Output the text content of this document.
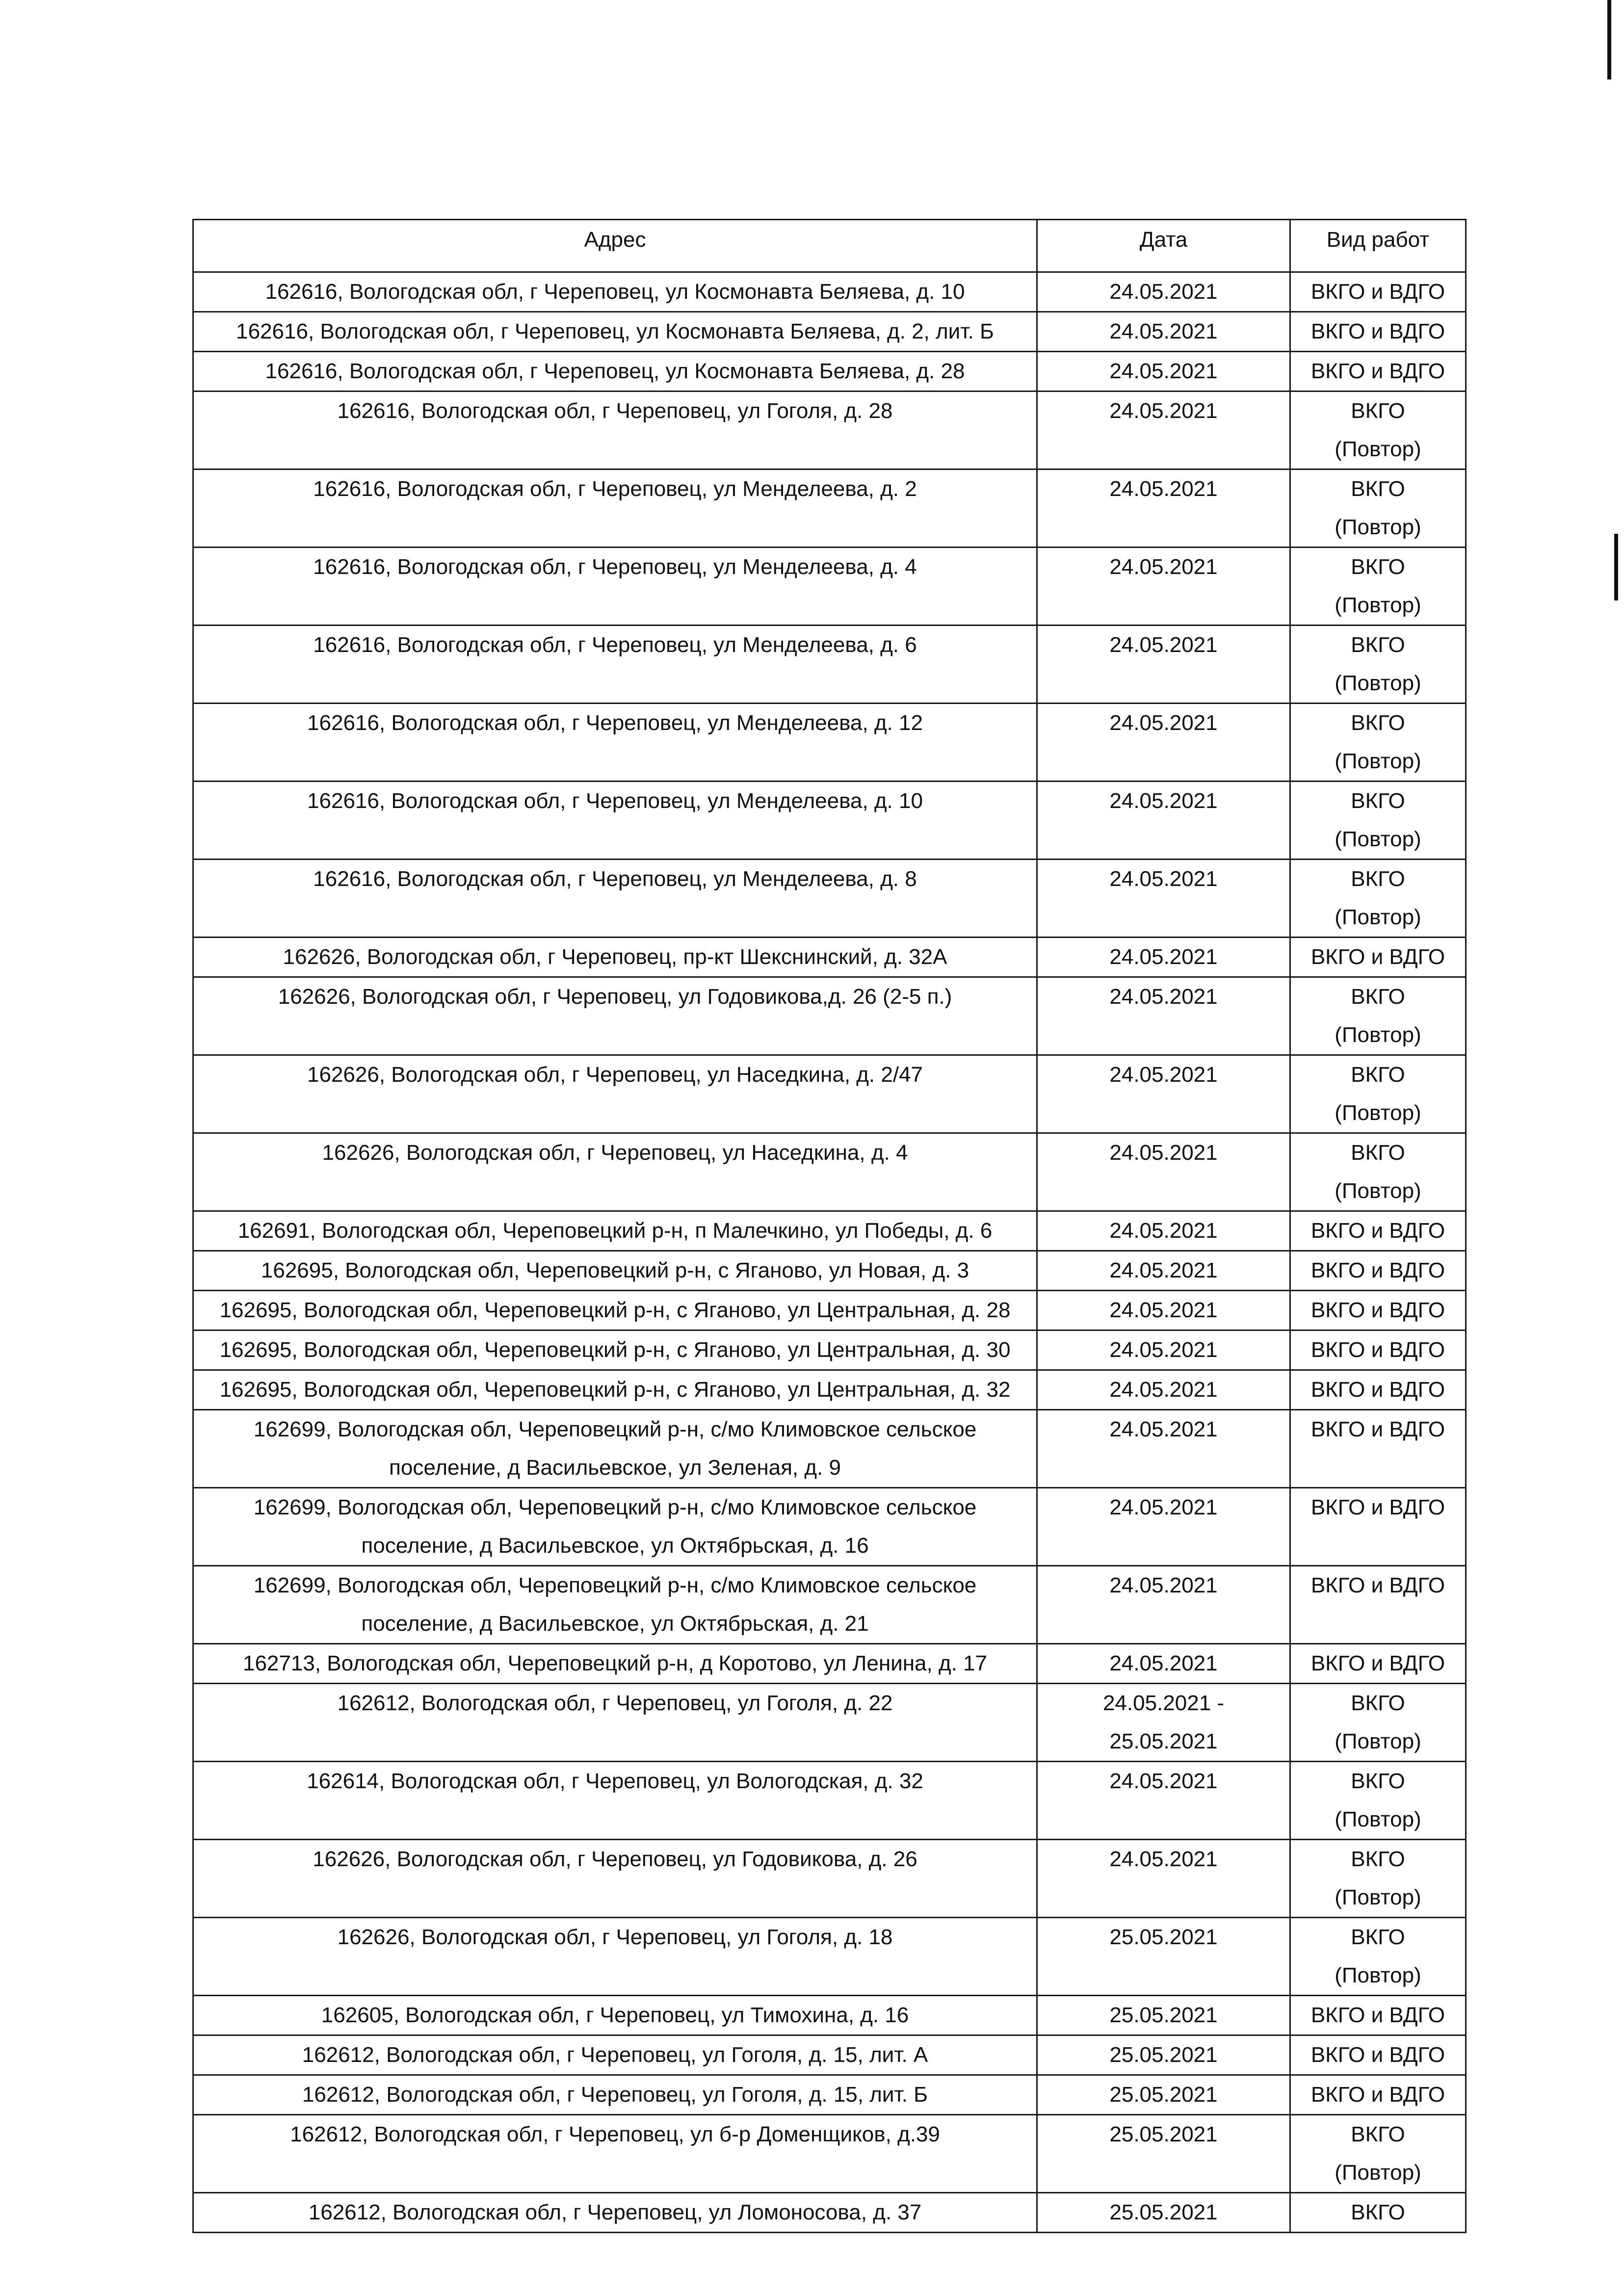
Адрес	Дата	Вид работ

162616, Вологодская обл, г Череповец, ул Космонавта Беляева, д. 10	24.05.2021	ВКГО и ВДГО

162616, Вологодская обл, г Череповец, ул Космонавта Беляева, д. 2, лит. Б	24.05.2021	ВКГО и ВДГО

162616, Вологодская обл, г Череповец, ул Космонавта Беляева, д. 28	24.05.2021	ВКГО и ВДГО

162616, Вологодская обл, г Череповец, ул Гоголя, д. 28	24.05.2021	ВКГО
(Повтор)

162616, Вологодская обл, г Череповец, ул Менделеева, д. 2	24.05.2021	ВКГО
(Повтор)

162616, Вологодская обл, г Череповец, ул Менделеева, д. 4	24.05.2021	ВКГО
(Повтор)

162616, Вологодская обл, г Череповец, ул Менделеева, д. 6	24.05.2021	ВКГО
(Повтор)

162616, Вологодская обл, г Череповец, ул Менделеева, д. 12	24.05.2021	ВКГО
(Повтор)

162616, Вологодская обл, г Череповец, ул Менделеева, д. 10	24.05.2021	ВКГО
(Повтор)

162616, Вологодская обл, г Череповец, ул Менделеева, д. 8	24.05.2021	ВКГО
(Повтор)

162626, Вологодская обл, г Череповец, пр-кт Шекснинский, д. 32А	24.05.2021	ВКГО и ВДГО

162626, Вологодская обл, г Череповец, ул Годовикова,д. 26 (2-5 п.)	24.05.2021	ВКГО
(Повтор)

162626, Вологодская обл, г Череповец, ул Наседкина, д. 2/47	24.05.2021	ВКГО
(Повтор)

162626, Вологодская обл, г Череповец, ул Наседкина, д. 4	24.05.2021	ВКГО
(Повтор)

162691, Вологодская обл, Череповецкий р-н, п Малечкино, ул Победы, д. 6	24.05.2021	ВКГО и ВДГО

162695, Вологодская обл, Череповецкий р-н, с Яганово, ул Новая, д. 3	24.05.2021	ВКГО и ВДГО

162695, Вологодская обл, Череповецкий р-н, с Яганово, ул Центральная, д. 28	24.05.2021	ВКГО и ВДГО

162695, Вологодская обл, Череповецкий р-н, с Яганово, ул Центральная, д. 30	24.05.2021	ВКГО и ВДГО

162695, Вологодская обл, Череповецкий р-н, с Яганово, ул Центральная, д. 32	24.05.2021	ВКГО и ВДГО

162699, Вологодская обл, Череповецкий р-н, с/мо Климовское сельское
поселение, д Васильевское, ул Зеленая, д. 9	24.05.2021	ВКГО и ВДГО

162699, Вологодская обл, Череповецкий р-н, с/мо Климовское сельское
поселение, д Васильевское, ул Октябрьская, д. 16	24.05.2021	ВКГО и ВДГО

162699, Вологодская обл, Череповецкий р-н, с/мо Климовское сельское
поселение, д Васильевское, ул Октябрьская, д. 21	24.05.2021	ВКГО и ВДГО

162713, Вологодская обл, Череповецкий р-н, д Коротово, ул Ленина, д. 17	24.05.2021	ВКГО и ВДГО

162612, Вологодская обл, г Череповец, ул Гоголя, д. 22	24.05.2021 -
25.05.2021	ВКГО
(Повтор)

162614, Вологодская обл, г Череповец, ул Вологодская, д. 32	24.05.2021	ВКГО
(Повтор)

162626, Вологодская обл, г Череповец, ул Годовикова, д. 26	24.05.2021	ВКГО
(Повтор)

162626, Вологодская обл, г Череповец, ул Гоголя, д. 18	25.05.2021	ВКГО
(Повтор)

162605, Вологодская обл, г Череповец, ул Тимохина, д. 16	25.05.2021	ВКГО и ВДГО

162612, Вологодская обл, г Череповец, ул Гоголя, д. 15, лит. А	25.05.2021	ВКГО и ВДГО

162612, Вологодская обл, г Череповец, ул Гоголя, д. 15, лит. Б	25.05.2021	ВКГО и ВДГО

162612, Вологодская обл, г Череповец, ул б-р Доменщиков, д.39	25.05.2021	ВКГО
(Повтор)

162612, Вологодская обл, г Череповец, ул Ломоносова, д. 37	25.05.2021	ВКГО
